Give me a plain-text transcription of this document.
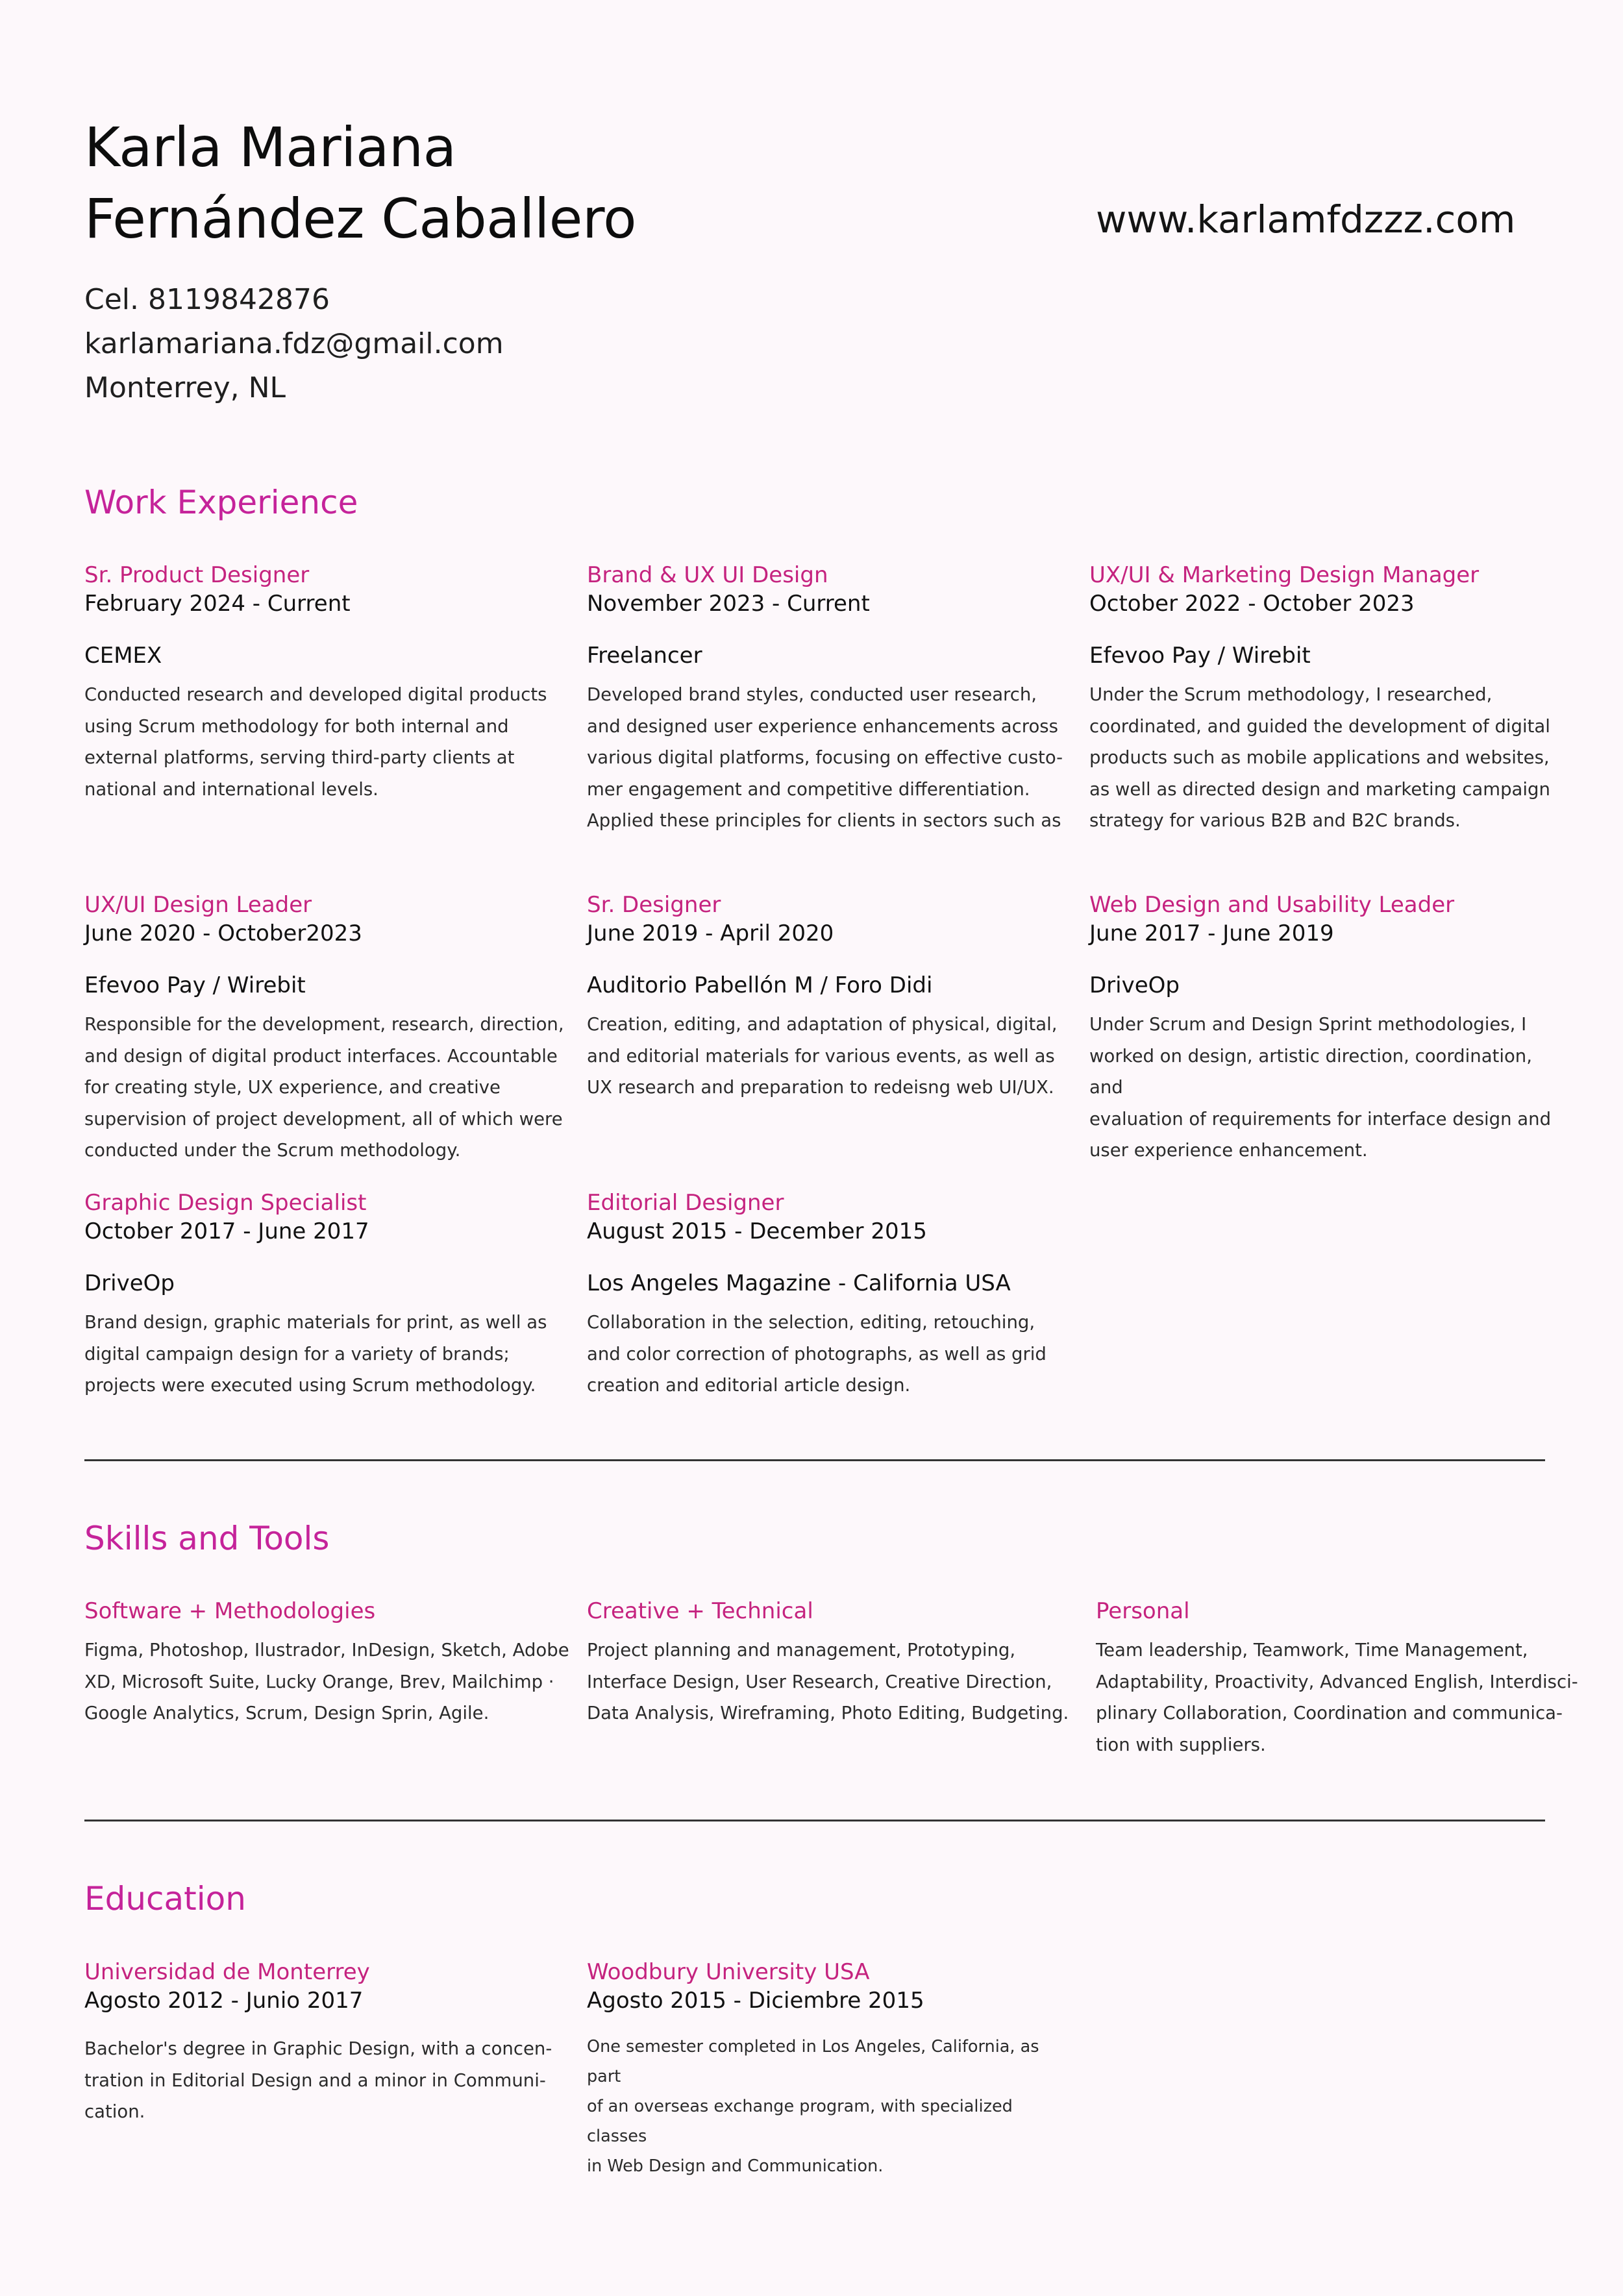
Karla Mariana
Fernández Caballero	www.karlamfdzzz.com
Cel. 8119842876
karlamariana.fdz@gmail.com
Monterrey, NL
Work Experience
Sr. Product Designer
February 2024 - Current
CEMEX
Conducted research and developed digital products
using Scrum methodology for both internal and
external platforms, serving third-party clients at
national and international levels.
Brand & UX UI Design
November 2023 - Current
Freelancer
Developed brand styles, conducted user research,
and designed user experience enhancements across
various digital platforms, focusing on effective custo-
mer engagement and competitive differentiation.
Applied these principles for clients in sectors such as
UX/UI & Marketing Design Manager
October 2022 - October 2023
Efevoo Pay / Wirebit
Under the Scrum methodology, I researched,
coordinated, and guided the development of digital
products such as mobile applications and websites,
as well as directed design and marketing campaign
strategy for various B2B and B2C brands.
UX/UI Design Leader
June 2020 - October2023
Efevoo Pay / Wirebit
Responsible for the development, research, direction,
and design of digital product interfaces. Accountable
for creating style, UX experience, and creative
supervision of project development, all of which were
conducted under the Scrum methodology.
Sr. Designer
June 2019 - April 2020
Auditorio Pabellón M / Foro Didi
Creation, editing, and adaptation of physical, digital,
and editorial materials for various events, as well as
UX research and preparation to redeisng web UI/UX.
Web Design and Usability Leader
June 2017 - June 2019
DriveOp
Under Scrum and Design Sprint methodologies, I
worked on design, artistic direction, coordination, and
evaluation of requirements for interface design and
user experience enhancement.
Graphic Design Specialist
October 2017 - June 2017
DriveOp
Brand design, graphic materials for print, as well as
digital campaign design for a variety of brands;
projects were executed using Scrum methodology.
Editorial Designer
August 2015 - December 2015
Los Angeles Magazine - California USA
Collaboration in the selection, editing, retouching,
and color correction of photographs, as well as grid
creation and editorial article design.
Skills and Tools
Software + Methodologies
Figma, Photoshop, Ilustrador, InDesign, Sketch, Adobe
XD, Microsoft Suite, Lucky Orange, Brev, Mailchimp ·
Google Analytics, Scrum, Design Sprin, Agile.
Creative + Technical
Project planning and management, Prototyping,
Interface Design, User Research, Creative Direction,
Data Analysis, Wireframing, Photo Editing, Budgeting.
Personal
Team leadership, Teamwork, Time Management,
Adaptability, Proactivity, Advanced English, Interdisci-
plinary Collaboration, Coordination and communica-
tion with suppliers.
Education
Universidad de Monterrey
Agosto 2012 - Junio 2017
Bachelor's degree in Graphic Design, with a concen-
tration in Editorial Design and a minor in Communi-
cation.
Woodbury University USA
Agosto 2015 - Diciembre 2015
One semester completed in Los Angeles, California, as part
of an overseas exchange program, with specialized classes
in Web Design and Communication.
